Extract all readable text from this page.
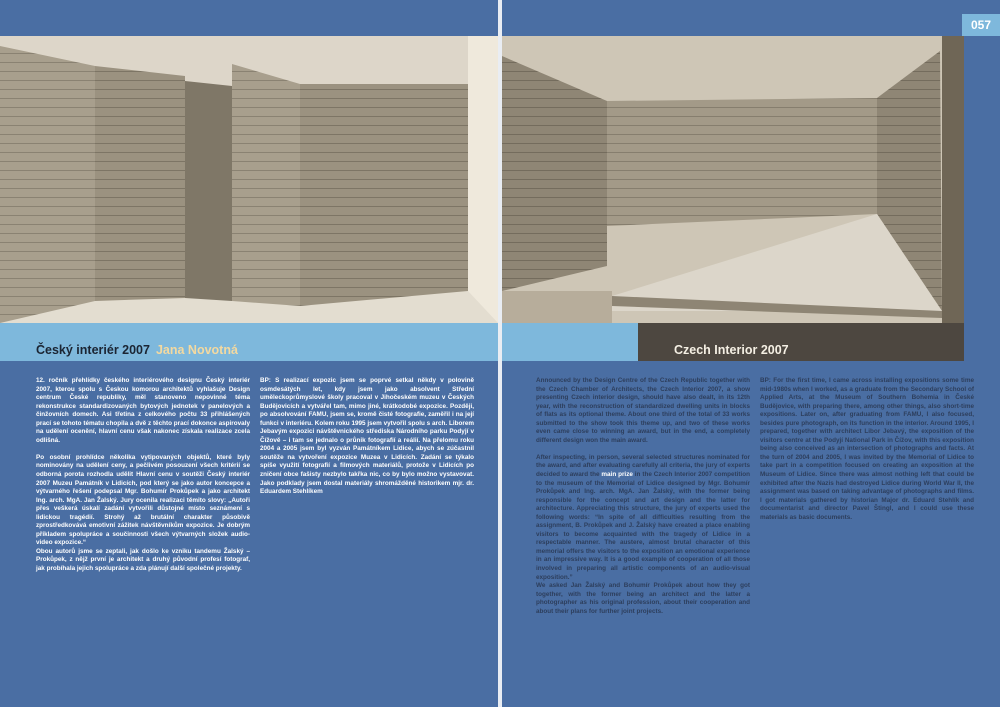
Český interiér 2007 Jana Novotná

12. ročník přehlídky českého interiérového designu Český interiér 2007, kterou spolu s Českou komorou architektů vyhlašuje Design centrum České republiky, měl stanoveno nepovinné téma rekonstrukce standardizovaných bytových jednotek v panelových a činžovních domech. Asi třetina z celkového počtu 33 přihlášených prací se tohoto tématu chopila a dvě z těchto prací dokonce aspirovaly na udělení ocenění, hlavní cenu však nakonec získala realizace zcela odlišná.

Po osobní prohlídce několika vytipovaných objektů, které byly nominovány na udělení ceny, a pečlivém posouzení všech kritérií se odborná porota rozhodla udělit Hlavní cenu v soutěži Český interiér 2007 Muzeu Památník v Lidicích, pod který se jako autor koncepce a výtvarného řešení podepsal Mgr. Bohumír Prokůpek a jako architekt Ing. arch. MgA. Jan Žalský. Jury ocenila realizaci těmito slovy: „Autoři přes veškerá úskalí zadání vytvořili důstojné místo seznámení s lidickou tragédií. Strohý až brutální charakter působivě zprostředkovává emotivní zážitek návštěvníkům expozice. Je dobrým příkladem spolupráce a součinnosti všech výtvarných složek audio-video expozice.“

Obou autorů jsme se zeptali, jak došlo ke vzniku tandemu Žalský – Prokůpek, z nějž první je architekt a druhý původní profesí fotograf, jak probíhala jejich spolupráce a zda plánují další společné projekty.

BP: S realizací expozic jsem se poprvé setkal někdy v polovině osmdesátých let, kdy jsem jako absolvent Střední uměleckoprůmyslové školy pracoval v Jihočeském muzeu v Českých Budějovicích a vytvářel tam, mimo jiné, krátkodobé expozice. Později, po absolvování FAMU, jsem se, kromě čisté fotografie, zaměřil i na její funkci v interiéru. Kolem roku 1995 jsem vytvořil spolu s arch. Liborem Jebavým expozici návštěvnického střediska Národního parku Podyjí v Čížově – i tam se jednalo o průnik fotografií a reálií. Na přelomu roku 2004 a 2005 jsem byl vyzván Památníkem Lidice, abych se zúčastnil soutěže na vytvoření expozice Muzea v Lidicích. Zadání se týkalo spíše využití fotografií a filmových materiálů, protože v Lidicích po zničení obce fašisty nezbylo takřka nic, co by bylo možno vystavovat. Jako podklady jsem dostal materiály shromážděné historikem mjr. dr. Eduardem Stehlíkem

057
Czech Interior 2007

Announced by the Design Centre of the Czech Republic together with the Czech Chamber of Architects, the Czech Interior 2007, a show presenting Czech interior design, should have also dealt, in its 12th year, with the reconstruction of standardized dwelling units in blocks of flats as its optional theme. About one third of the total of 33 works submitted to the show took this theme up, and two of these works even came close to winning an award, but in the end, a completely different design won the main award.

After inspecting, in person, several selected structures nominated for the award, and after evaluating carefully all criteria, the jury of experts decided to award the main prize in the Czech Interior 2007 competition to the museum of the Memorial of Lidice designed by Mgr. Bohumír Prokůpek and Ing. arch. MgA. Jan Žalský, with the former being responsible for the concept and art design and the latter for architecture. Appreciating this structure, the jury of experts used the following words: “In spite of all difficulties resulting from the assignment, B. Prokůpek and J. Žalský have created a place enabling visitors to become acquainted with the tragedy of Lidice in a respectable manner. The austere, almost brutal character of this memorial offers the visitors to the exposition an emotional experience in an impressive way. It is a good example of cooperation of all those involved in preparing all artistic components of an audio-visual exposition.”

We asked Jan Žalský and Bohumír Prokůpek about how they got together, with the former being an architect and the latter a photographer as his original profession, about their cooperation and about their plans for further joint projects.

BP: For the first time, I came across installing expositions some time mid-1980s when I worked, as a graduate from the Secondary School of Applied Arts, at the Museum of Southern Bohemia in České Budějovice, with preparing there, among other things, also short-time expositions. Later on, after graduating from FAMU, I also focused, besides pure photograph, on its function in the interior. Around 1995, I prepared, together with architect Libor Jebavý, the exposition of the visitors centre at the Podyjí National Park in Čížov, with this exposition being also conceived as an intersection of photographs and facts. At the turn of 2004 and 2005, I was invited by the Memorial of Lidice to take part in a competition focused on creating an exposition at the Museum of Lidice. Since there was almost nothing left that could be exhibited after the Nazis had destroyed Lidice during World War II, the assignment was based on taking advantage of photographs and films. I got materials gathered by historian Major dr. Eduard Stehlík and documentarist and director Pavel Štingl, and I could use these materials as basic documents.
